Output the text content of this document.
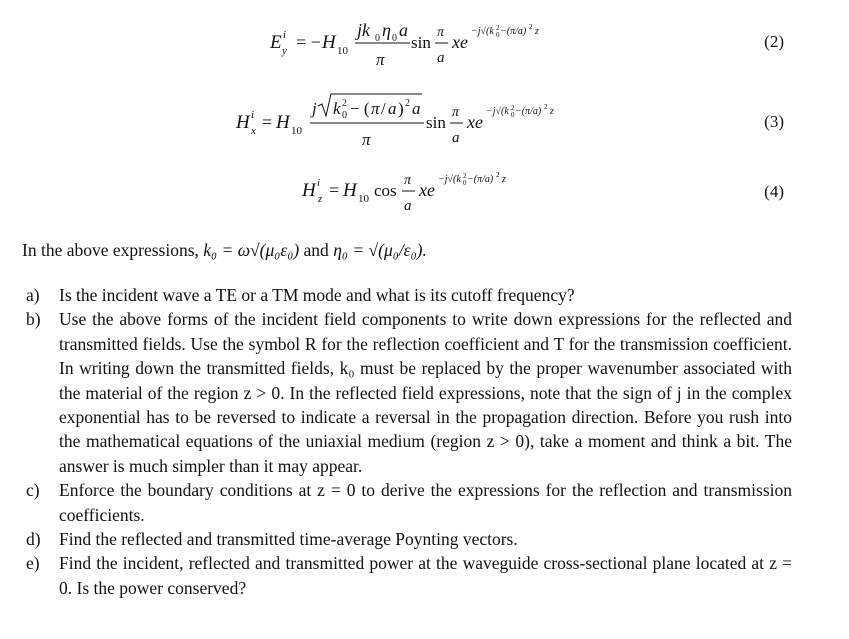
E i
y = − H 10
jk 0 η 0 a
π
sin
π
a
xe
−j√(k 2
0 −(π/a) 2 z
(2)
H i
x = H 10
j k 2
0 − ( π / a ) 2 a
π
sin
π
a
xe
−j√(k 2
0 −(π/a) 2 z
(3)
H i
z = H 10 cos
π
a
xe
−j√(k 2
0 −(π/a) 2 z
(4)
In the above expressions, k₀ = ω√(μ₀ε₀) and η₀ = √(μ₀/ε₀).
a) Is the incident wave a TE or a TM mode and what is its cutoff frequency?
b) Use the above forms of the incident field components to write down expressions for the reflected and transmitted fields. Use the symbol R for the reflection coefficient and T for the transmission coefficient. In writing down the transmitted fields, k₀ must be replaced by the proper wavenumber associated with the material of the region z > 0. In the reflected field expressions, note that the sign of j in the complex exponential has to be reversed to indicate a reversal in the propagation direction. Before you rush into the mathematical equations of the uniaxial medium (region z > 0), take a moment and think a bit. The answer is much simpler than it may appear.
c) Enforce the boundary conditions at z = 0 to derive the expressions for the reflection and transmission coefficients.
d) Find the reflected and transmitted time-average Poynting vectors.
e) Find the incident, reflected and transmitted power at the waveguide cross-sectional plane located at z = 0. Is the power conserved?
